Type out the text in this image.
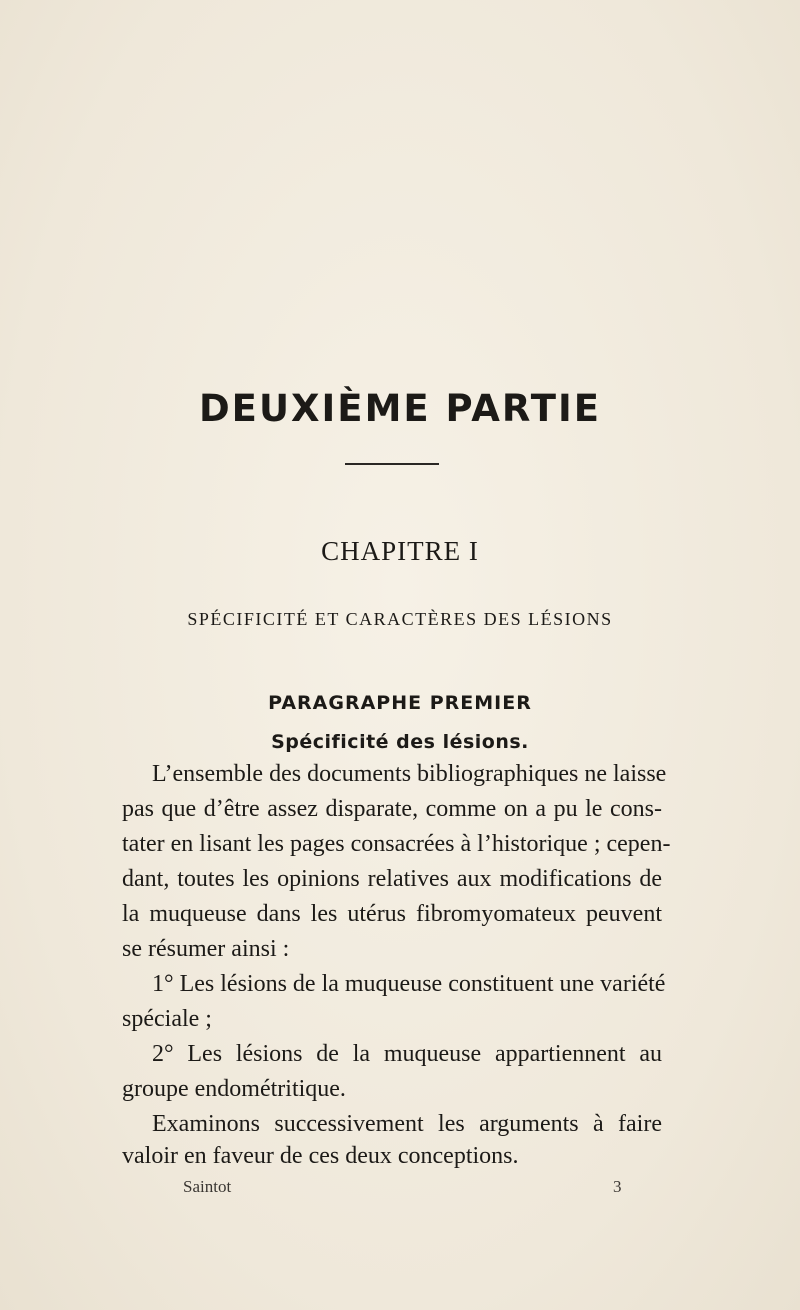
DEUXIÈME PARTIE
CHAPITRE I
SPÉCIFICITÉ ET CARACTÈRES DES LÉSIONS
PARAGRAPHE PREMIER
Spécificité des lésions.
L’ensemble des documents bibliographiques ne laisse
pas que d’être assez disparate, comme on a pu le cons-
tater en lisant les pages consacrées à l’historique ; cepen-
dant, toutes les opinions relatives aux modifications de
la muqueuse dans les utérus fibromyomateux peuvent
se résumer ainsi :
1° Les lésions de la muqueuse constituent une variété
spéciale ;
2° Les lésions de la muqueuse appartiennent au
groupe endométritique.
Examinons successivement les arguments à faire
valoir en faveur de ces deux conceptions.
Saintot	3
